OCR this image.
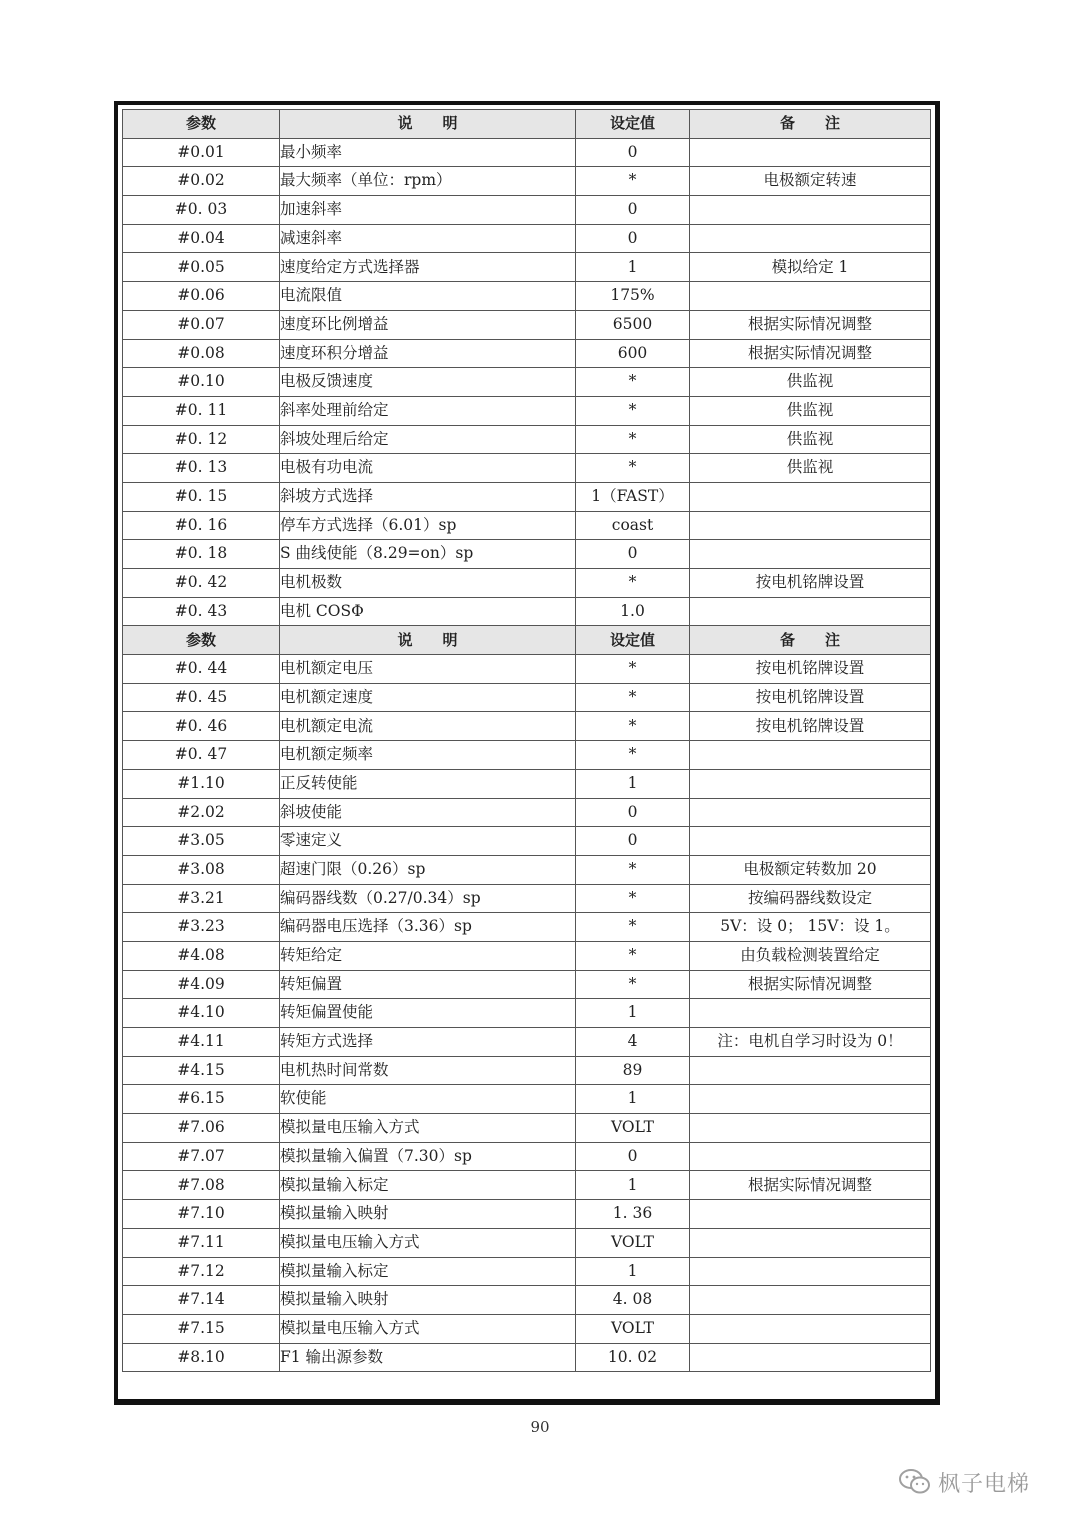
参数	说　　明	设定值	备　　注
#0.01	最小频率	0	
#0.02	最大频率（单位：rpm）	*	电极额定转速
#0. 03	加速斜率	0	
#0.04	减速斜率	0	
#0.05	速度给定方式选择器	1	模拟给定 1
#0.06	电流限值	175%	
#0.07	速度环比例增益	6500	根据实际情况调整
#0.08	速度环积分增益	600	根据实际情况调整
#0.10	电极反馈速度	*	供监视
#0. 11	斜率处理前给定	*	供监视
#0. 12	斜坡处理后给定	*	供监视
#0. 13	电极有功电流	*	供监视
#0. 15	斜坡方式选择	1（FAST）	
#0. 16	停车方式选择（6.01）sp	coast	
#0. 18	S 曲线使能（8.29=on）sp	0	
#0. 42	电机极数	*	按电机铭牌设置
#0. 43	电机 COSΦ	1.0	
参数	说　　明	设定值	备　　注
#0. 44	电机额定电压	*	按电机铭牌设置
#0. 45	电机额定速度	*	按电机铭牌设置
#0. 46	电机额定电流	*	按电机铭牌设置
#0. 47	电机额定频率	*	
#1.10	正反转使能	1	
#2.02	斜坡使能	0	
#3.05	零速定义	0	
#3.08	超速门限（0.26）sp	*	电极额定转数加 20
#3.21	编码器线数（0.27/0.34）sp	*	按编码器线数设定
#3.23	编码器电压选择（3.36）sp	*	5V：设 0； 15V：设 1。
#4.08	转矩给定	*	由负载检测装置给定
#4.09	转矩偏置	*	根据实际情况调整
#4.10	转矩偏置使能	1	
#4.11	转矩方式选择	4	注：电机自学习时设为 0！
#4.15	电机热时间常数	89	
#6.15	软使能	1	
#7.06	模拟量电压输入方式	VOLT	
#7.07	模拟量输入偏置（7.30）sp	0	
#7.08	模拟量输入标定	1	根据实际情况调整
#7.10	模拟量输入映射	1. 36	
#7.11	模拟量电压输入方式	VOLT	
#7.12	模拟量输入标定	1	
#7.14	模拟量输入映射	4. 08	
#7.15	模拟量电压输入方式	VOLT	
#8.10	F1 输出源参数	10. 02	
90
枫子电梯
